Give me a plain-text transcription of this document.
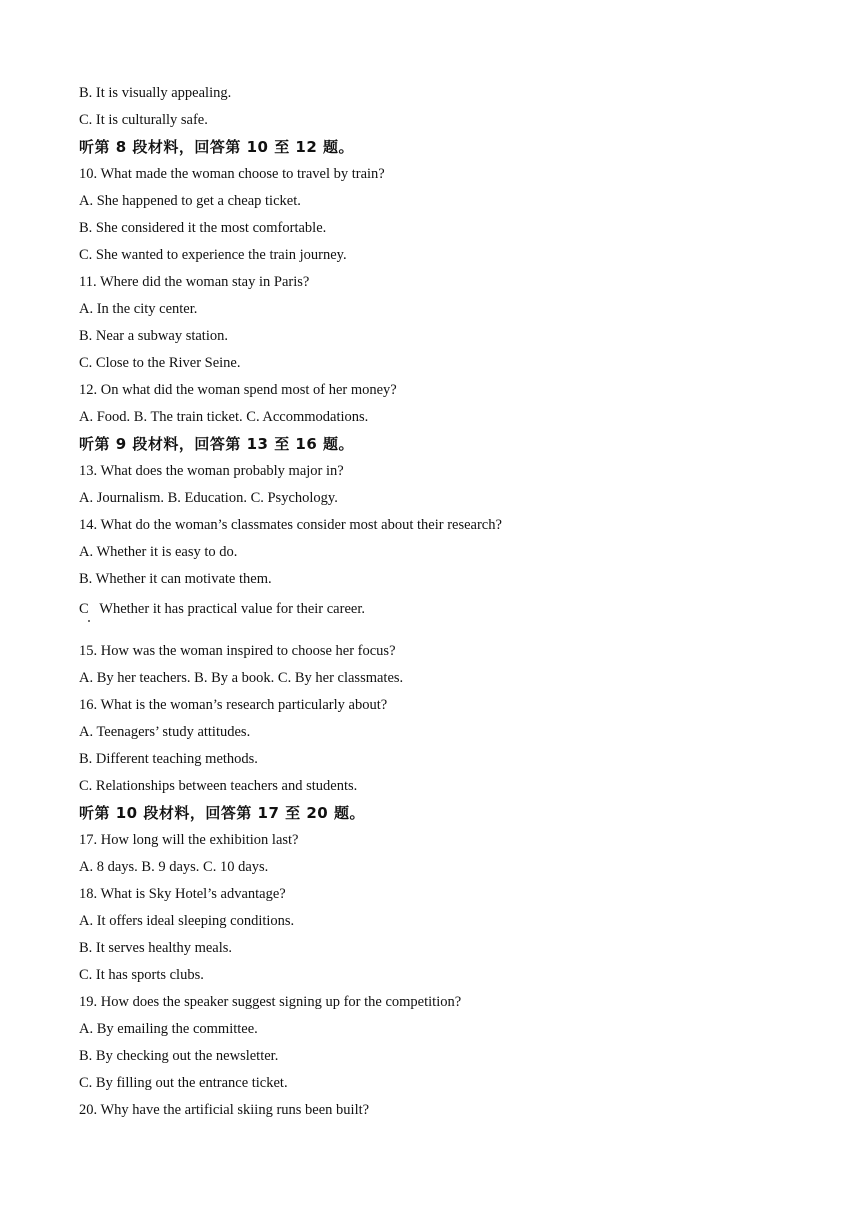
B. It is visually appealing.
C. It is culturally safe.
听第 8 段材料，回答第 10 至 12 题。
10. What made the woman choose to travel by train?
A. She happened to get a cheap ticket.
B. She considered it the most comfortable.
C. She wanted to experience the train journey.
11. Where did the woman stay in Paris?
A. In the city center.
B. Near a subway station.
C. Close to the River Seine.
12. On what did the woman spend most of her money?
A. Food. B. The train ticket. C. Accommodations.
听第 9 段材料，回答第 13 至 16 题。
13. What does the woman probably major in?
A. Journalism. B. Education. C. Psychology.
14. What do the woman’s classmates consider most about their research?
A. Whether it is easy to do.
B. Whether it can motivate them.
C   Whether it has practical value for their career.
15. How was the woman inspired to choose her focus?
A. By her teachers. B. By a book. C. By her classmates.
16. What is the woman’s research particularly about?
A. Teenagers’ study attitudes.
B. Different teaching methods.
C. Relationships between teachers and students.
听第 10 段材料，回答第 17 至 20 题。
17. How long will the exhibition last?
A. 8 days. B. 9 days. C. 10 days.
18. What is Sky Hotel’s advantage?
A. It offers ideal sleeping conditions.
B. It serves healthy meals.
C. It has sports clubs.
19. How does the speaker suggest signing up for the competition?
A. By emailing the committee.
B. By checking out the newsletter.
C. By filling out the entrance ticket.
20. Why have the artificial skiing runs been built?
